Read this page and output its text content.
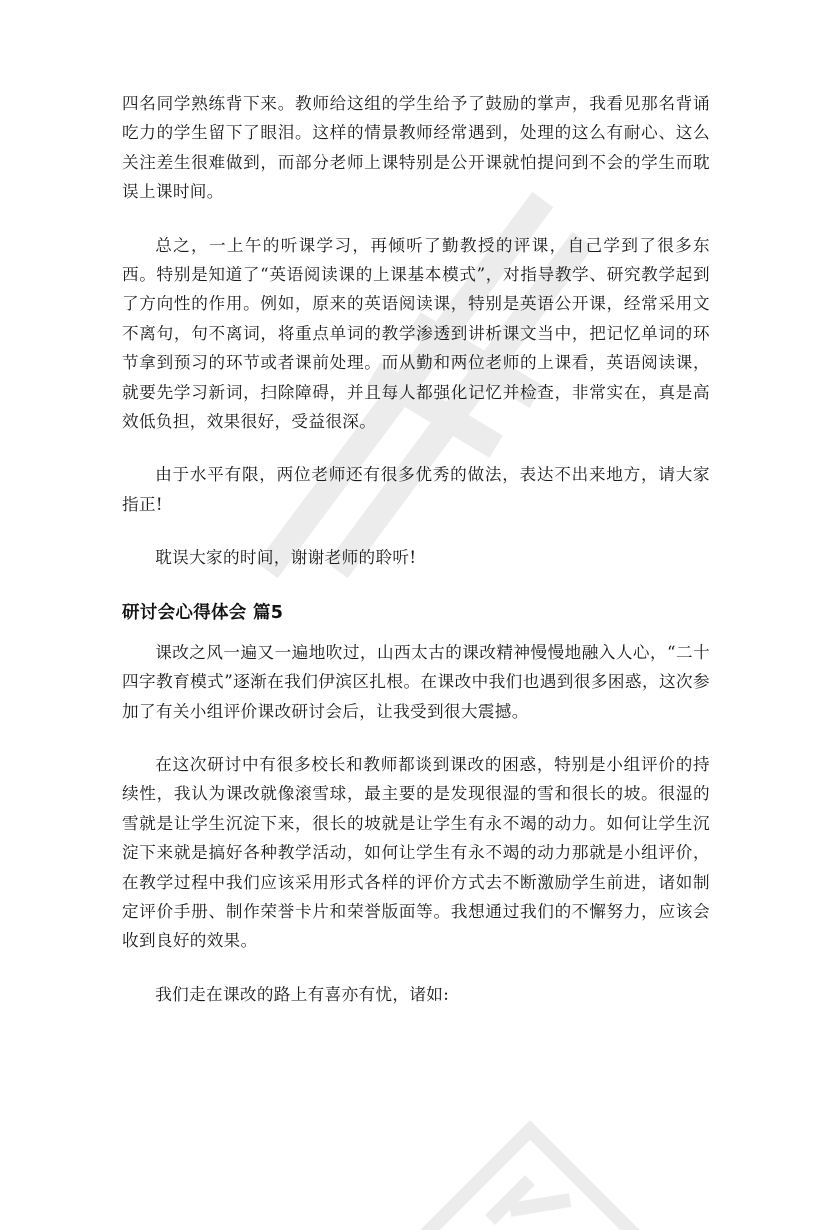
四名同学熟练背下来。教师给这组的学生给予了鼓励的掌声，我看见那名背诵吃力的学生留下了眼泪。这样的情景教师经常遇到，处理的这么有耐心、这么关注差生很难做到，而部分老师上课特别是公开课就怕提问到不会的学生而耽误上课时间。

总之，一上午的听课学习，再倾听了勤教授的评课，自己学到了很多东西。特别是知道了“英语阅读课的上课基本模式”，对指导教学、研究教学起到了方向性的作用。例如，原来的英语阅读课，特别是英语公开课，经常采用文不离句，句不离词，将重点单词的教学渗透到讲析课文当中，把记忆单词的环节拿到预习的环节或者课前处理。而从勤和两位老师的上课看，英语阅读课，就要先学习新词，扫除障碍，并且每人都强化记忆并检查，非常实在，真是高效低负担，效果很好，受益很深。

由于水平有限，两位老师还有很多优秀的做法，表达不出来地方，请大家指正!

耽误大家的时间，谢谢老师的聆听!

研讨会心得体会 篇5

课改之风一遍又一遍地吹过，山西太古的课改精神慢慢地融入人心，“二十四字教育模式”逐渐在我们伊滨区扎根。在课改中我们也遇到很多困惑，这次参加了有关小组评价课改研讨会后，让我受到很大震撼。

在这次研讨中有很多校长和教师都谈到课改的困惑，特别是小组评价的持续性，我认为课改就像滚雪球，最主要的是发现很湿的雪和很长的坡。很湿的雪就是让学生沉淀下来，很长的坡就是让学生有永不竭的动力。如何让学生沉淀下来就是搞好各种教学活动，如何让学生有永不竭的动力那就是小组评价，在教学过程中我们应该采用形式各样的评价方式去不断激励学生前进，诸如制定评价手册、制作荣誉卡片和荣誉版面等。我想通过我们的不懈努力，应该会收到良好的效果。

我们走在课改的路上有喜亦有忧，诸如:
